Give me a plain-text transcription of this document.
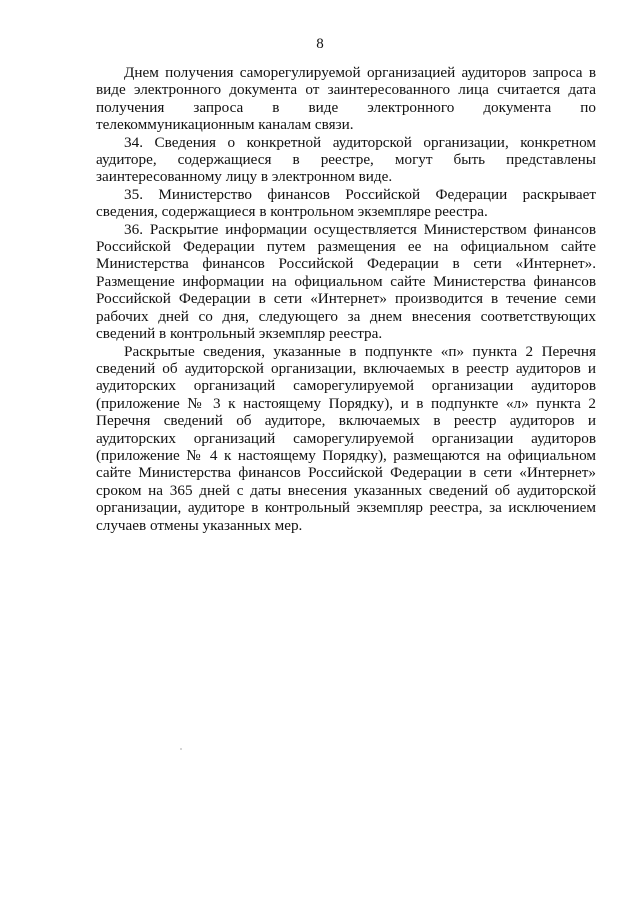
8

Днем получения саморегулируемой организацией аудиторов запроса в виде электронного документа от заинтересованного лица считается дата получения запроса в виде электронного документа по телекоммуникационным каналам связи.

34. Сведения о конкретной аудиторской организации, конкретном аудиторе, содержащиеся в реестре, могут быть представлены заинтересованному лицу в электронном виде.

35. Министерство финансов Российской Федерации раскрывает сведения, содержащиеся в контрольном экземпляре реестра.

36. Раскрытие информации осуществляется Министерством финансов Российской Федерации путем размещения ее на официальном сайте Министерства финансов Российской Федерации в сети «Интернет». Размещение информации на официальном сайте Министерства финансов Российской Федерации в сети «Интернет» производится в течение семи рабочих дней со дня, следующего за днем внесения соответствующих сведений в контрольный экземпляр реестра.

Раскрытые сведения, указанные в подпункте «п» пункта 2 Перечня сведений об аудиторской организации, включаемых в реестр аудиторов и аудиторских организаций саморегулируемой организации аудиторов (приложение № 3 к настоящему Порядку), и в подпункте «л» пункта 2 Перечня сведений об аудиторе, включаемых в реестр аудиторов и аудиторских организаций саморегулируемой организации аудиторов (приложение № 4 к настоящему Порядку), размещаются на официальном сайте Министерства финансов Российской Федерации в сети «Интернет» сроком на 365 дней с даты внесения указанных сведений об аудиторской организации, аудиторе в контрольный экземпляр реестра, за исключением случаев отмены указанных мер.
